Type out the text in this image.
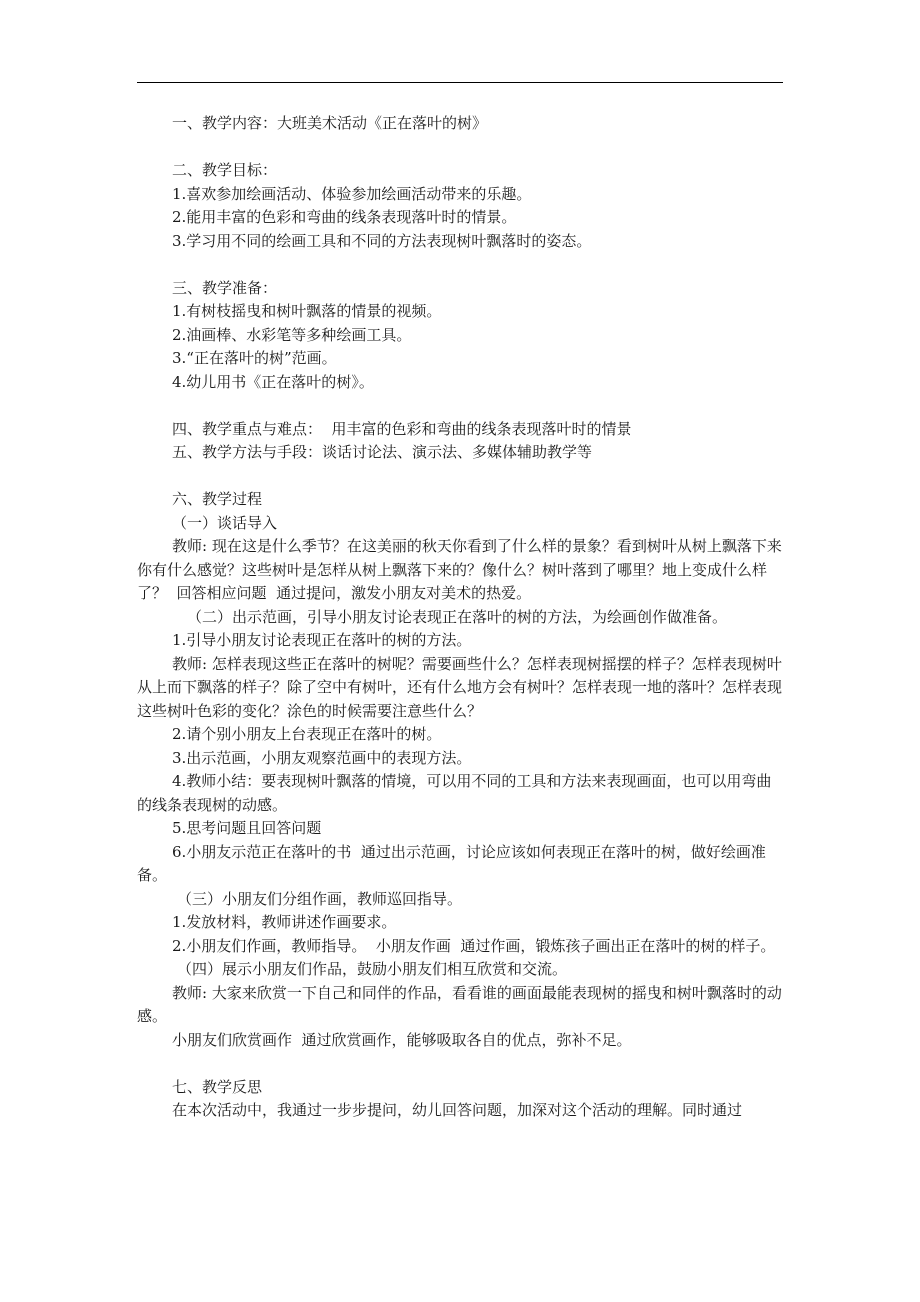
一、教学内容：大班美术活动《正在落叶的树》

二、教学目标：

1.喜欢参加绘画活动、体验参加绘画活动带来的乐趣。

2.能用丰富的色彩和弯曲的线条表现落叶时的情景。

3.学习用不同的绘画工具和不同的方法表现树叶飘落时的姿态。

三、教学准备：

1.有树枝摇曳和树叶飘落的情景的视频。

2.油画棒、水彩笔等多种绘画工具。

3.“正在落叶的树”范画。

4.幼儿用书《正在落叶的树》。

四、教学重点与难点：  用丰富的色彩和弯曲的线条表现落叶时的情景

五、教学方法与手段：谈话讨论法、演示法、多媒体辅助教学等

六、教学过程

（一）谈话导入

教师: 现在这是什么季节？在这美丽的秋天你看到了什么样的景象？看到树叶从树上飘落下来你有什么感觉？这些树叶是怎样从树上飘落下来的？像什么？树叶落到了哪里？地上变成什么样了？  回答相应问题  通过提问，激发小朋友对美术的热爱。

（二）出示范画，引导小朋友讨论表现正在落叶的树的方法，为绘画创作做准备。

1.引导小朋友讨论表现正在落叶的树的方法。

教师: 怎样表现这些正在落叶的树呢？需要画些什么？怎样表现树摇摆的样子？怎样表现树叶从上而下飘落的样子？除了空中有树叶，还有什么地方会有树叶？怎样表现一地的落叶？怎样表现这些树叶色彩的变化？涂色的时候需要注意些什么？

2.请个别小朋友上台表现正在落叶的树。

3.出示范画，小朋友观察范画中的表现方法。

4.教师小结：要表现树叶飘落的情境，可以用不同的工具和方法来表现画面，也可以用弯曲的线条表现树的动感。

5.思考问题且回答问题

6.小朋友示范正在落叶的书  通过出示范画，讨论应该如何表现正在落叶的树，做好绘画准备。

（三）小朋友们分组作画，教师巡回指导。

1.发放材料，教师讲述作画要求。

2.小朋友们作画，教师指导。  小朋友作画  通过作画，锻炼孩子画出正在落叶的树的样子。

（四）展示小朋友们作品，鼓励小朋友们相互欣赏和交流。

教师: 大家来欣赏一下自己和同伴的作品，看看谁的画面最能表现树的摇曳和树叶飘落时的动感。

小朋友们欣赏画作  通过欣赏画作，能够吸取各自的优点，弥补不足。

七、教学反思

在本次活动中，我通过一步步提问，幼儿回答问题，加深对这个活动的理解。同时通过
